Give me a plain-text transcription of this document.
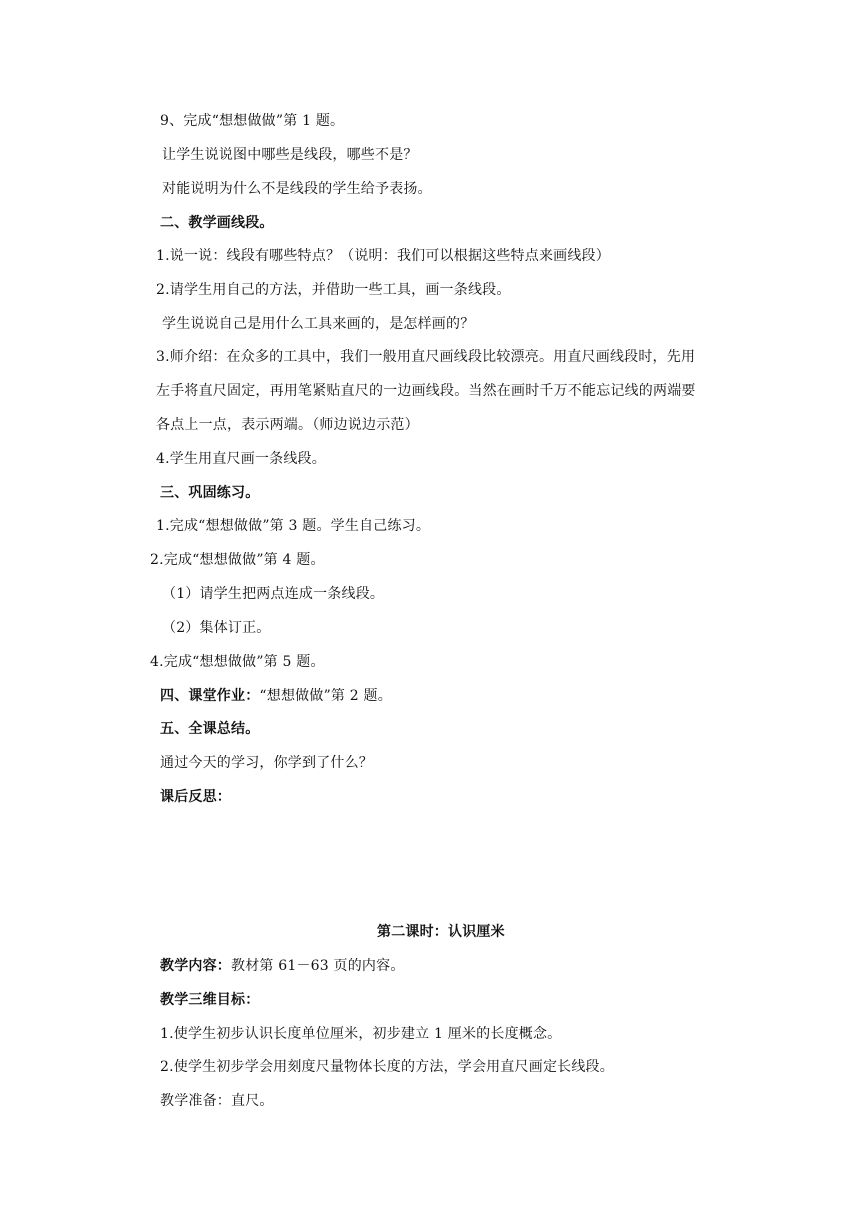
9、完成“想想做做”第 1 题。
让学生说说图中哪些是线段，哪些不是？
对能说明为什么不是线段的学生给予表扬。
二、教学画线段。
1.说一说：线段有哪些特点？（说明：我们可以根据这些特点来画线段）
2.请学生用自己的方法，并借助一些工具，画一条线段。
学生说说自己是用什么工具来画的，是怎样画的？
3.师介绍：在众多的工具中，我们一般用直尺画线段比较漂亮。用直尺画线段时，先用
左手将直尺固定，再用笔紧贴直尺的一边画线段。当然在画时千万不能忘记线的两端要
各点上一点，表示两端。（师边说边示范）
4.学生用直尺画一条线段。
三、巩固练习。
1.完成“想想做做”第 3 题。学生自己练习。
2.完成“想想做做”第 4 题。
（1）请学生把两点连成一条线段。
（2）集体订正。
4.完成“想想做做”第 5 题。
四、课堂作业：“想想做做”第 2 题。
五、全课总结。
通过今天的学习，你学到了什么？
课后反思：
第二课时：认识厘米
教学内容：教材第 61－63 页的内容。
教学三维目标：
1.使学生初步认识长度单位厘米，初步建立 1 厘米的长度概念。
2.使学生初步学会用刻度尺量物体长度的方法，学会用直尺画定长线段。
教学准备：直尺。
